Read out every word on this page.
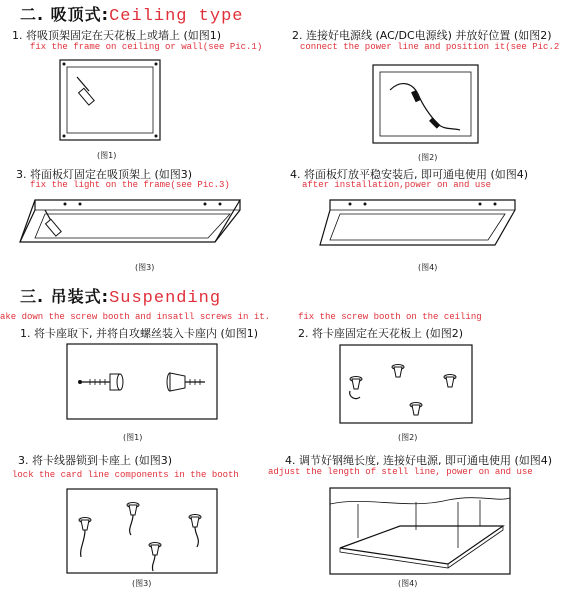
二. 吸顶式:Ceiling type
1. 将吸顶架固定在天花板上或墙上 (如图1)
fix the frame on ceiling or wall(see Pic.1)
(图1)
2. 连接好电源线 (AC/DC电源线) 并放好位置 (如图2)
connect the power line and position it(see Pic.2
(图2)
3. 将面板灯固定在吸顶架上 (如图3)
fix the light on the frame(see Pic.3)
(图3)
4. 将面板灯放平稳安装后, 即可通电使用 (如图4)
after installation,power on and use
(图4)
三. 吊装式:Suspending
ake down the screw booth and insatll screws in it.
1. 将卡座取下, 并将自攻螺丝装入卡座内 (如图1)
(图1)
fix the screw booth on the ceiling
2. 将卡座固定在天花板上 (如图2)
(图2)
3. 将卡线器锁到卡座上 (如图3)
lock the card line components in the booth
(图3)
4. 调节好钢绳长度, 连接好电源, 即可通电使用 (如图4)
adjust the length of stell line, power on and use
(图4)
